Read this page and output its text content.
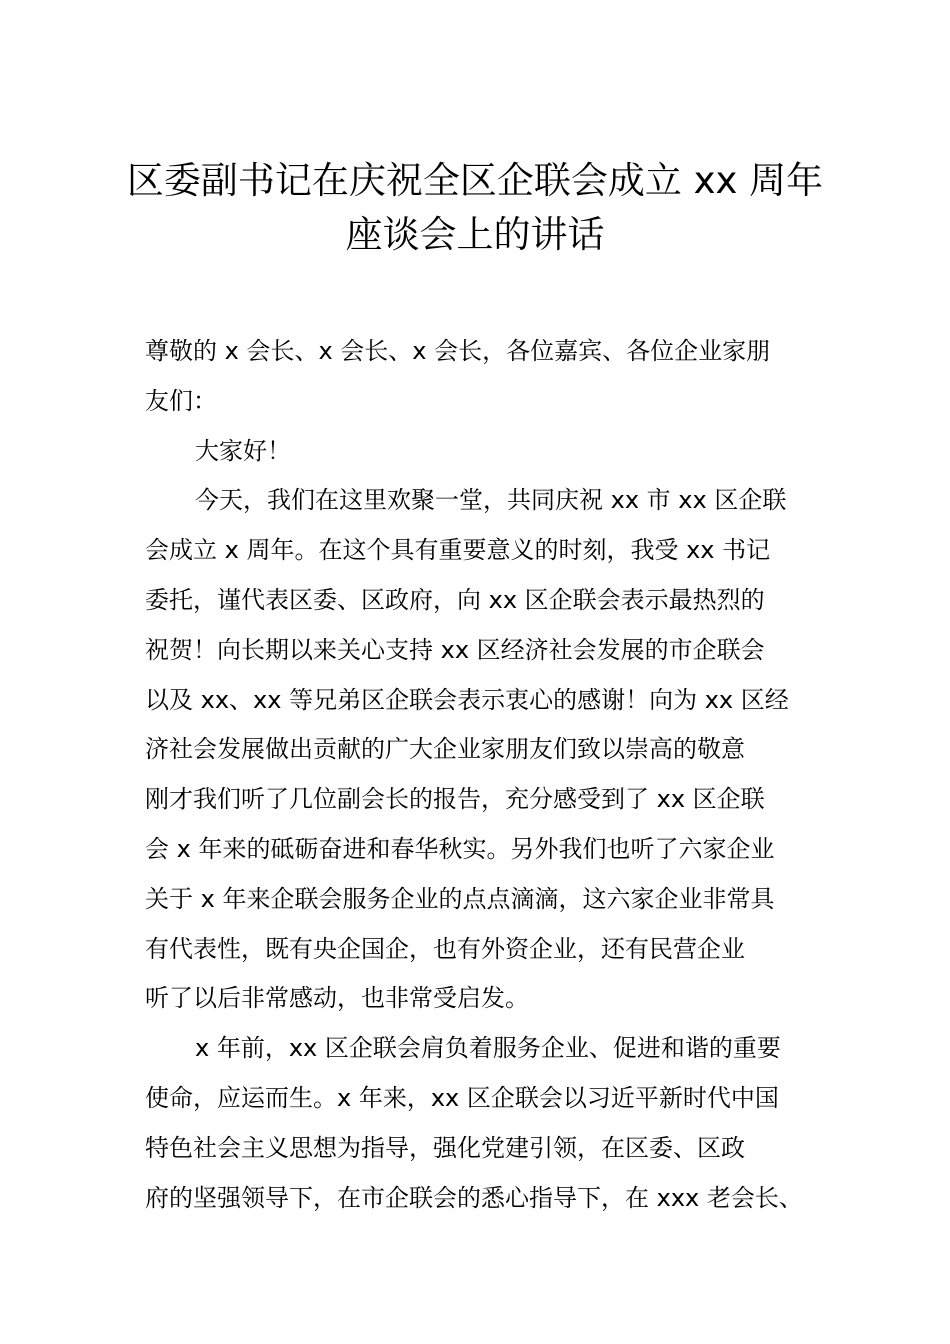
区委副书记在庆祝全区企联会成立 xx 周年
座谈会上的讲话
尊敬的 x 会长、x 会长、x 会长，各位嘉宾、各位企业家朋
友们：
大家好！
今天，我们在这里欢聚一堂，共同庆祝 xx 市 xx 区企联
会成立 x 周年。在这个具有重要意义的时刻，我受 xx 书记
委托，谨代表区委、区政府，向 xx 区企联会表示最热烈的
祝贺！向长期以来关心支持 xx 区经济社会发展的市企联会
以及 xx、xx 等兄弟区企联会表示衷心的感谢！向为 xx 区经
济社会发展做出贡献的广大企业家朋友们致以崇高的敬意
刚才我们听了几位副会长的报告，充分感受到了 xx 区企联
会 x 年来的砥砺奋进和春华秋实。另外我们也听了六家企业
关于 x 年来企联会服务企业的点点滴滴，这六家企业非常具
有代表性，既有央企国企，也有外资企业，还有民营企业
听了以后非常感动，也非常受启发。
x 年前，xx 区企联会肩负着服务企业、促进和谐的重要
使命，应运而生。x 年来，xx 区企联会以习近平新时代中国
特色社会主义思想为指导，强化党建引领，在区委、区政
府的坚强领导下，在市企联会的悉心指导下，在 xxx 老会长、
